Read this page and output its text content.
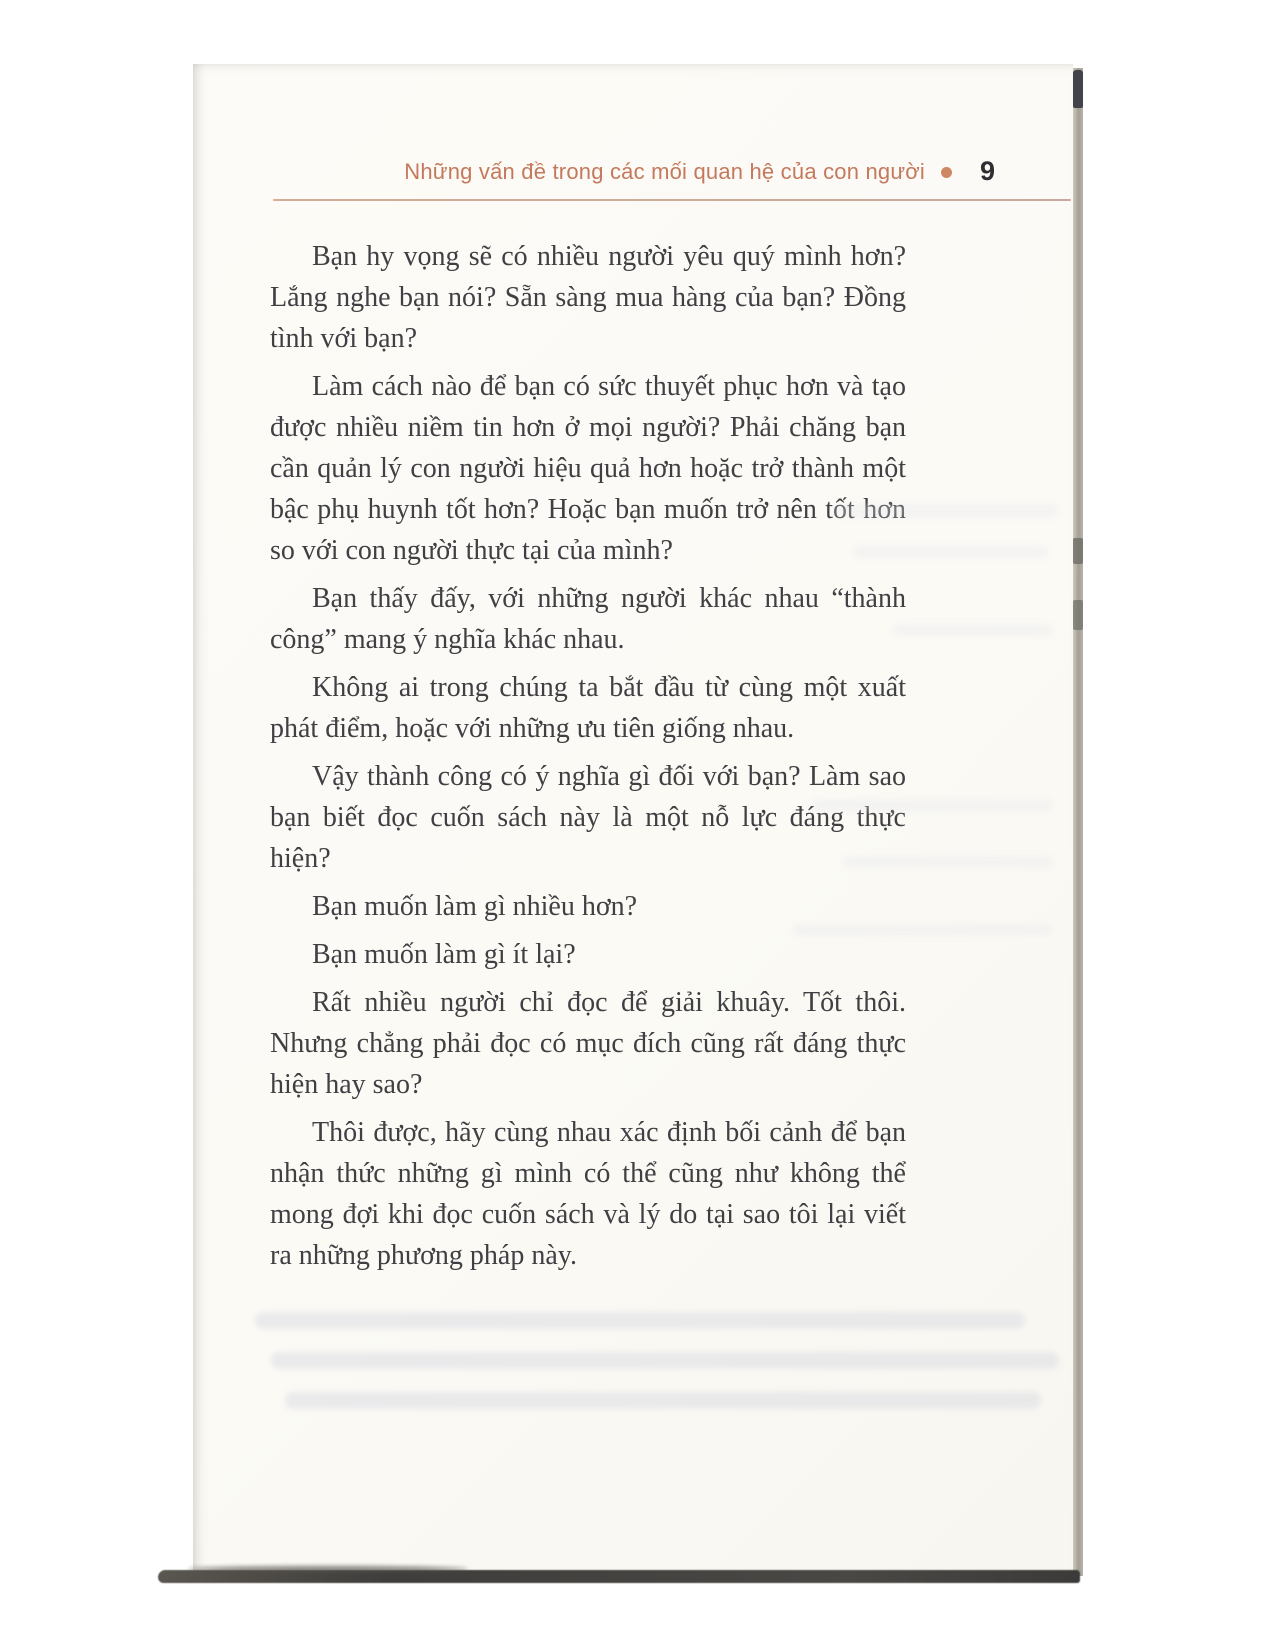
Những vấn đề trong các mối quan hệ của con người 9

Bạn hy vọng sẽ có nhiều người yêu quý mình hơn? Lắng nghe bạn nói? Sẵn sàng mua hàng của bạn? Đồng tình với bạn?

Làm cách nào để bạn có sức thuyết phục hơn và tạo được nhiều niềm tin hơn ở mọi người? Phải chăng bạn cần quản lý con người hiệu quả hơn hoặc trở thành một bậc phụ huynh tốt hơn? Hoặc bạn muốn trở nên tốt hơn so với con người thực tại của mình?

Bạn thấy đấy, với những người khác nhau “thành công” mang ý nghĩa khác nhau.

Không ai trong chúng ta bắt đầu từ cùng một xuất phát điểm, hoặc với những ưu tiên giống nhau.

Vậy thành công có ý nghĩa gì đối với bạn? Làm sao bạn biết đọc cuốn sách này là một nỗ lực đáng thực hiện?

Bạn muốn làm gì nhiều hơn?

Bạn muốn làm gì ít lại?

Rất nhiều người chỉ đọc để giải khuây. Tốt thôi. Nhưng chẳng phải đọc có mục đích cũng rất đáng thực hiện hay sao?

Thôi được, hãy cùng nhau xác định bối cảnh để bạn nhận thức những gì mình có thể cũng như không thể mong đợi khi đọc cuốn sách và lý do tại sao tôi lại viết ra những phương pháp này.
